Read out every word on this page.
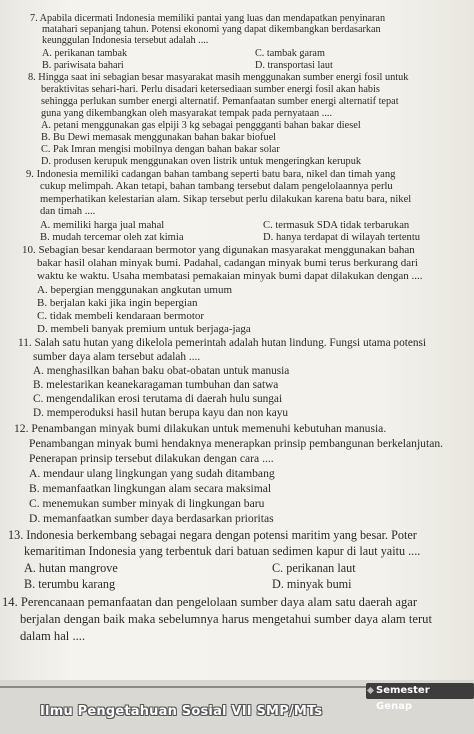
7. Apabila dicermati Indonesia memiliki pantai yang luas dan mendapatkan penyinaran
matahari sepanjang tahun. Potensi ekonomi yang dapat dikembangkan berdasarkan
keunggulan Indonesia tersebut adalah ....
A. perikanan tambak	C. tambak garam
B. pariwisata bahari	D. transportasi laut
8. Hingga saat ini sebagian besar masyarakat masih menggunakan sumber energi fosil untuk
beraktivitas sehari-hari. Perlu disadari ketersediaan sumber energi fosil akan habis
sehingga perlukan sumber energi alternatif. Pemanfaatan sumber energi alternatif tepat
guna yang dikembangkan oleh masyarakat tempak pada pernyataan ....
A. petani menggunakan gas elpiji 3 kg sebagai penggganti bahan bakar diesel
B. Bu Dewi memasak menggunakan bahan bakar biofuel
C. Pak Imran mengisi mobilnya dengan bahan bakar solar
D. produsen kerupuk menggunakan oven listrik untuk mengeringkan kerupuk
9. Indonesia memiliki cadangan bahan tambang seperti batu bara, nikel dan timah yang
cukup melimpah. Akan tetapi, bahan tambang tersebut dalam pengelolaannya perlu
memperhatikan kelestarian alam. Sikap tersebut perlu dilakukan karena batu bara, nikel
dan timah ....
A. memiliki harga jual mahal	C. termasuk SDA tidak terbarukan
B. mudah tercemar oleh zat kimia	D. hanya terdapat di wilayah tertentu
10. Sebagian besar kendaraan bermotor yang digunakan masyarakat menggunakan bahan
bakar hasil olahan minyak bumi. Padahal, cadangan minyak bumi terus berkurang dari
waktu ke waktu. Usaha membatasi pemakaian minyak bumi dapat dilakukan dengan ....
A. bepergian menggunakan angkutan umum
B. berjalan kaki jika ingin bepergian
C. tidak membeli kendaraan bermotor
D. membeli banyak premium untuk berjaga-jaga
11. Salah satu hutan yang dikelola pemerintah adalah hutan lindung. Fungsi utama potensi
sumber daya alam tersebut adalah ....
A. menghasilkan bahan baku obat-obatan untuk manusia
B. melestarikan keanekaragaman tumbuhan dan satwa
C. mengendalikan erosi terutama di daerah hulu sungai
D. memperoduksi hasil hutan berupa kayu dan non kayu
12. Penambangan minyak bumi dilakukan untuk memenuhi kebutuhan manusia.
Penambangan minyak bumi hendaknya menerapkan prinsip pembangunan berkelanjutan.
Penerapan prinsip tersebut dilakukan dengan cara ....
A. mendaur ulang lingkungan yang sudah ditambang
B. memanfaatkan lingkungan alam secara maksimal
C. menemukan sumber minyak di lingkungan baru
D. memanfaatkan sumber daya berdasarkan prioritas
13. Indonesia berkembang sebagai negara dengan potensi maritim yang besar. Poter
kemaritiman Indonesia yang terbentuk dari batuan sedimen kapur di laut yaitu ....
A. hutan mangrove	C. perikanan laut
B. terumbu karang	D. minyak bumi
14. Perencanaan pemanfaatan dan pengelolaan sumber daya alam satu daerah agar
berjalan dengan baik maka sebelumnya harus mengetahui sumber daya alam terut
dalam hal ....
Ilmu Pengetahuan Sosial VII SMP/MTs
Semester Genap
